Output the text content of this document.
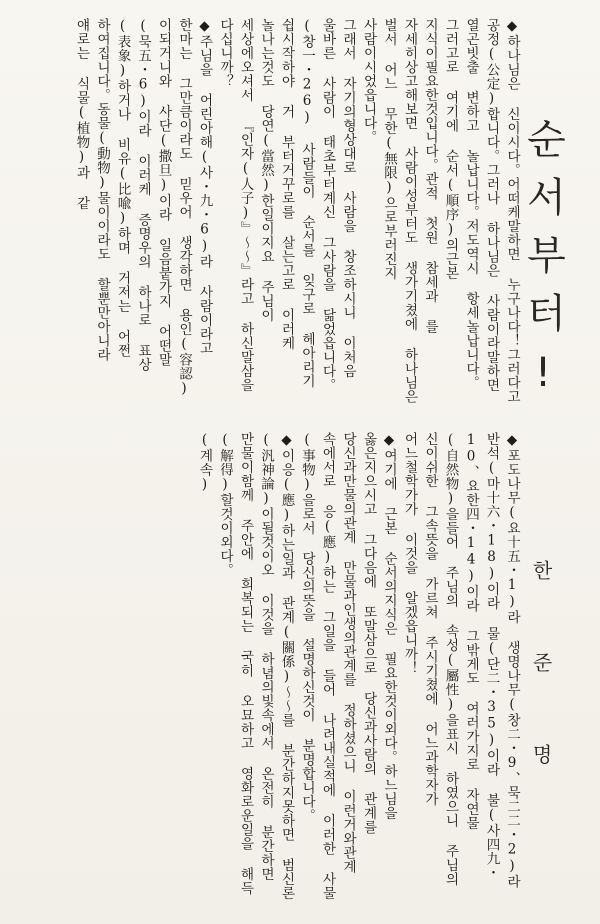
순서부터!
한 준 명

◆하나님은 신이시다。어떠케말하면 누구나다！그러다고 공정(公定)합니다。그러나 하나님은 사람이라말하면 열곤빗출 변하고 놀납니다。저도역시 항세놀납니다。그러고로 여기에 순서(順序)의근본 지식이필요한것입니다。관적 첫원 참세과 를 자세히상고해보면 사람이성부터도 생가기쳤에 하나님은 벌서 어느 무한(無限)으로부러진지 사람이시었읍니다。

그래서 자기의형상대로 사람을 창조하시니 이처음 울바른 사람이 태초부터계신 그사람을 닮었읍니다。(창一・26) 사람들이 순서를 잊구로 헤아리기 쉽시작하야 거 부터거꾸로를 살는고로 이러케 놀나는것도 당연(當然)한일이지요 주님이 세상에오셔서 『인자(人子)』〜〜』라고 하신말삼을 다십니까？

◆주님을 어린아해(사・九・6)라 사람이라고 한마는 그만큼이라도 믿우어 생각하면 용인(容認)이되거니와 사단(撒旦)이라 일음붙가지 어떤말(묵五・6)이라 이러케 증명우의 하나로 표상(表象)하거나 비유(比喩)하며 거저는 어쩐 하여집니다。동물(動物)물이이라도 할뿐만아니라 얘로는 식물(植物)과 같

◆포도나무(요十五・1)라 생명나무(창二・9、묵二二・2)라 반석(마十六・18)이라 물(단二・35)이라 불(사四九・10、요한四・14)이라 그밖게도 여러가지로 자연물(自然物)을들어 주님의 속성(屬性)을표시 하였으니 주님의 신이쉬한 그속뜻을 가르쳐 주시기쳤에 어느과학자가 어느철학가가 이것을 알겠읍니까！

◆여기에 근본 순서의지식은 필요한것이외다。하느님을 옳은지으시고 그다음에 또말삼으로 당신과사람의 관계를 당신과만물의관계 만물과인생의관계를 정하셨으니 이런거와관계 속에서로 응(應)하는 그일을 들어 나려내실적에 이러한 사물(事物)을로서 당신의뜻을 설명하신것이 분명합니다。

◆이응(應)하는일과 관계(關係)〜〜를 분간하지못하면 범신론(汎神論)이될것이오 이것을 하념의빛속에서 온전히 분간하면 만물이함께 주안에 희복되는 국히 오묘하고 영화로운일을 해득(解得)할것이외다。

(계속)
